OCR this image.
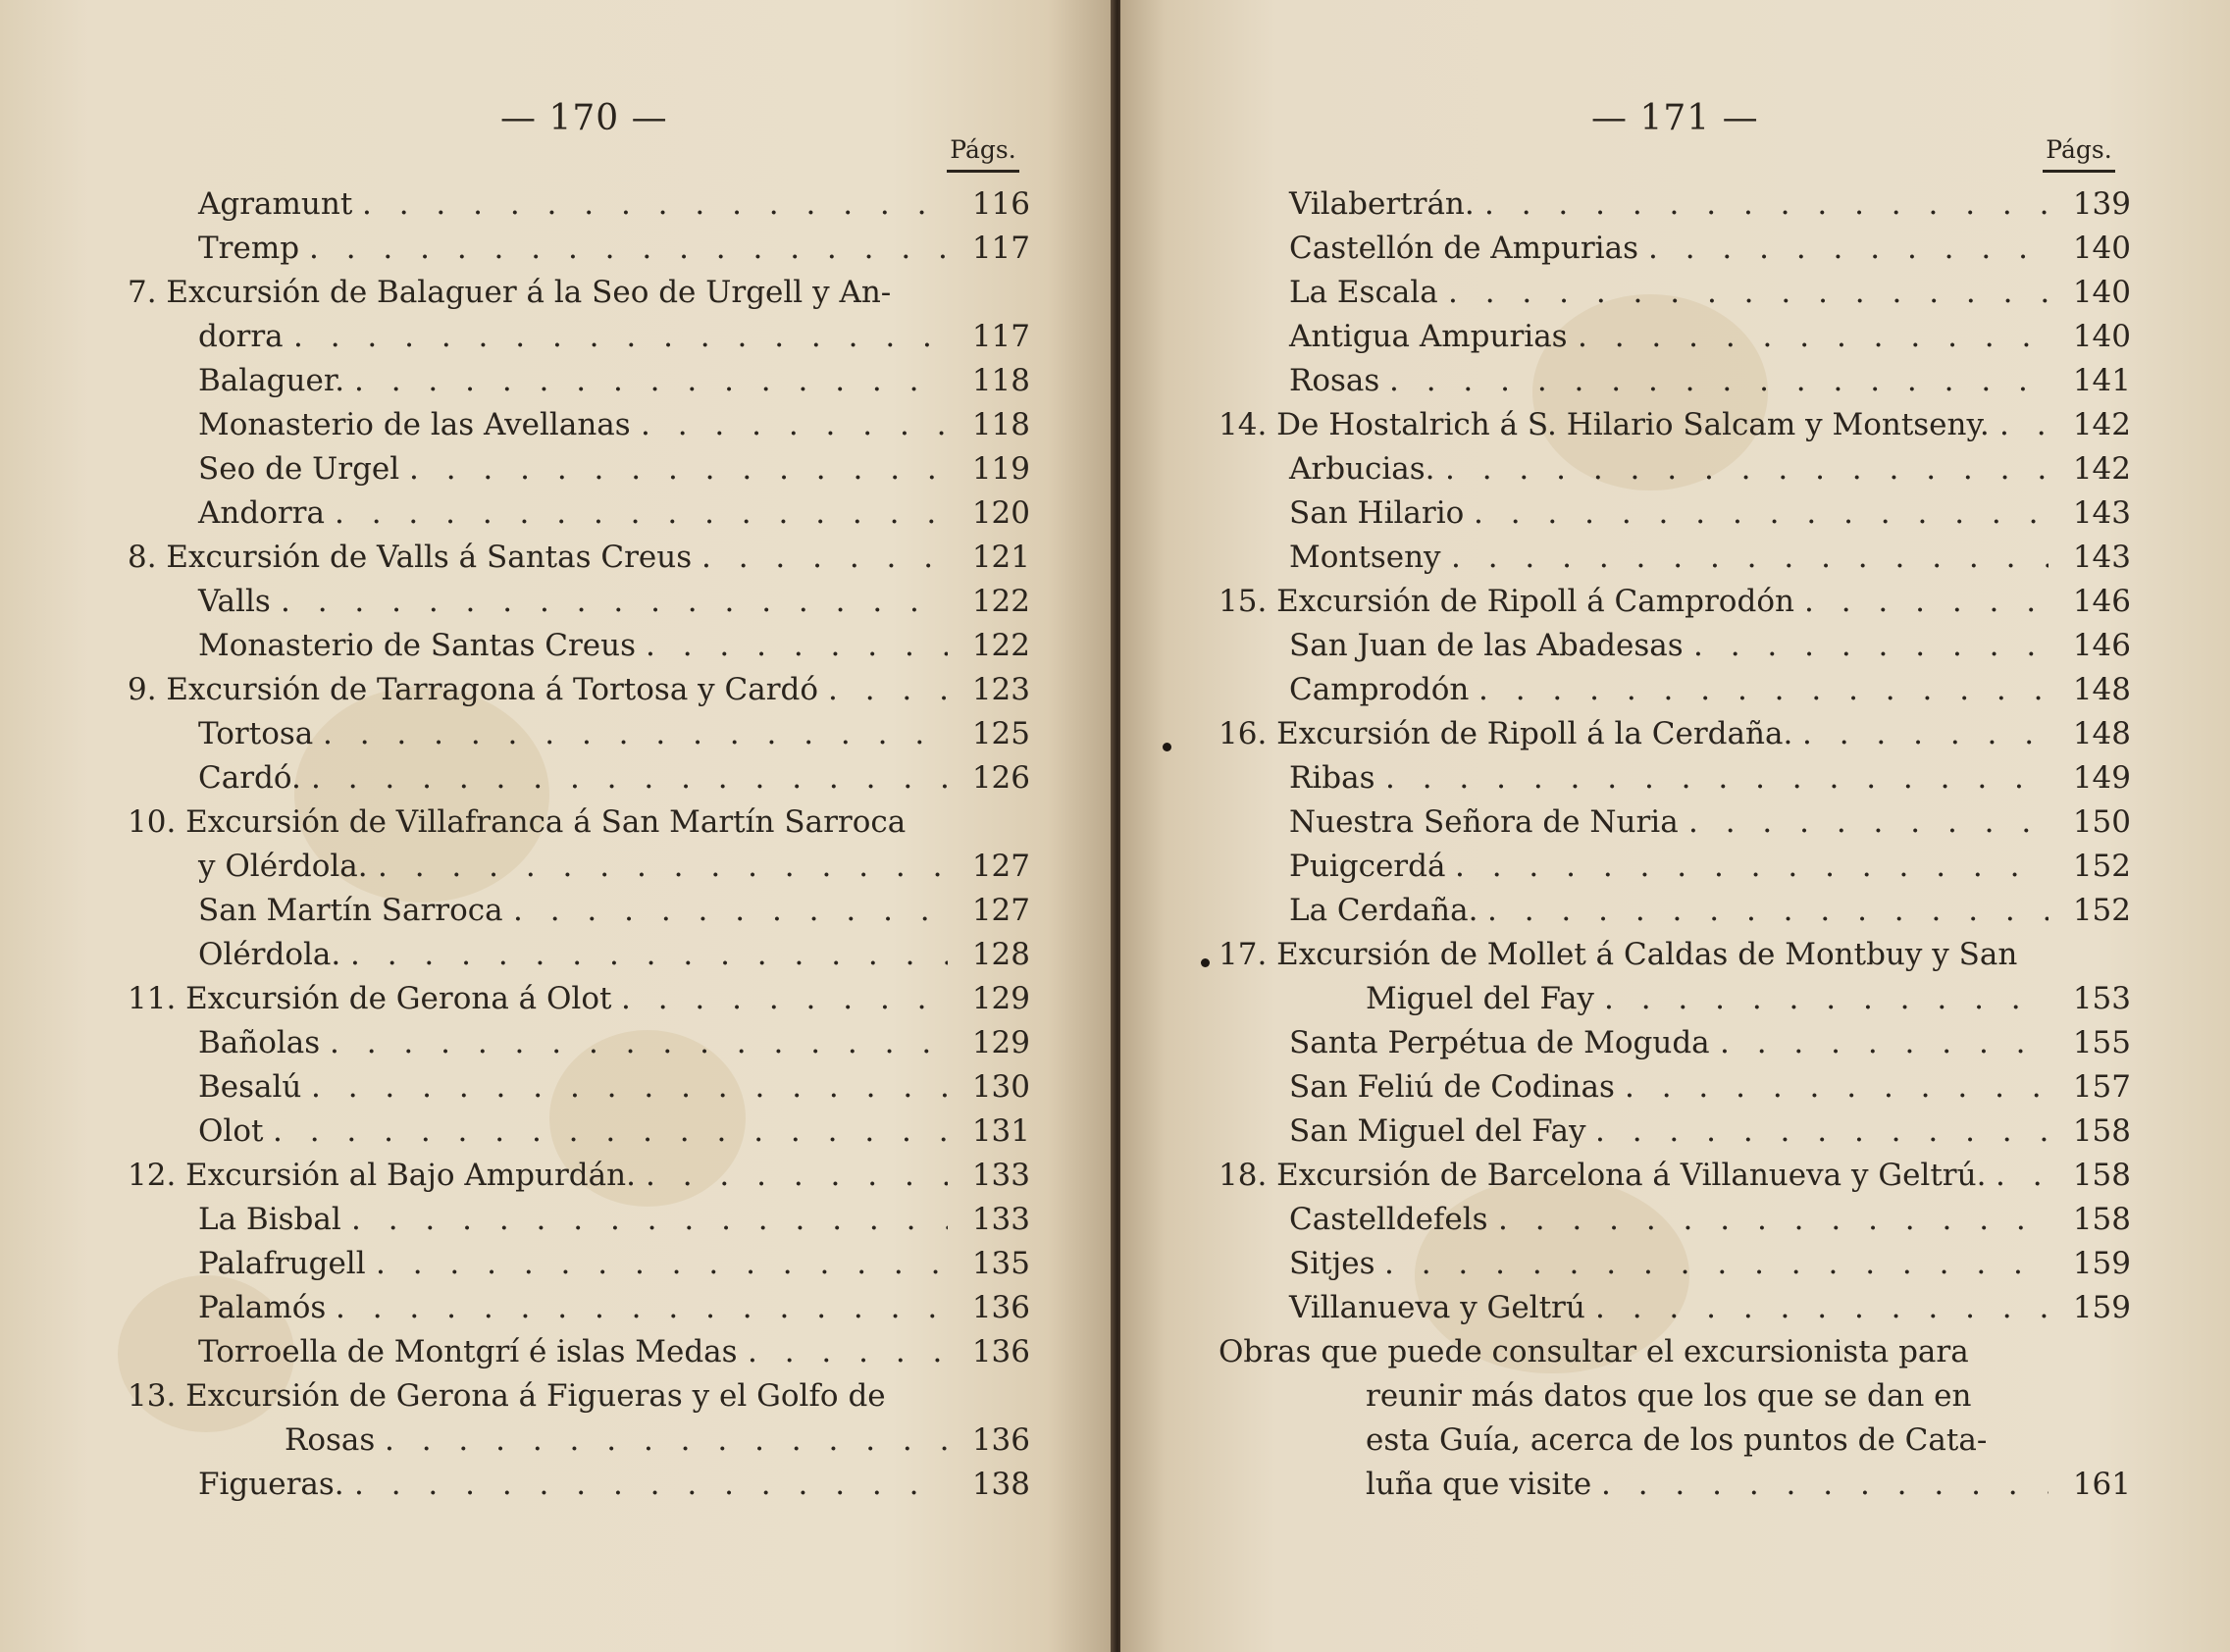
— 170 —
Págs.
Agramunt . . .	116
Tremp . . .	117
7. Excursión de Balaguer á la Seo de Urgell y An-
dorra . . .	117
Balaguer. . . .	118
Monasterio de las Avellanas . . .	118
Seo de Urgel . . .	119
Andorra . . .	120
8. Excursión de Valls á Santas Creus . . .	121
Valls . . .	122
Monasterio de Santas Creus . . .	122
9. Excursión de Tarragona á Tortosa y Cardó . . .	123
Tortosa . . .	125
Cardó. . . .	126
10. Excursión de Villafranca á San Martín Sarroca
y Olérdola. . . .	127
San Martín Sarroca . . .	127
Olérdola. . . .	128
11. Excursión de Gerona á Olot . . .	129
Bañolas . . .	129
Besalú . . .	130
Olot . . .	131
12. Excursión al Bajo Ampurdán. . . .	133
La Bisbal . . .	133
Palafrugell . . .	135
Palamós . . .	136
Torroella de Montgrí é islas Medas . . .	136
13. Excursión de Gerona á Figueras y el Golfo de
Rosas . . .	136
Figueras. . . .	138
— 171 —
Págs.
Vilabertrán. . . .	139
Castellón de Ampurias . . .	140
La Escala . . .	140
Antigua Ampurias . . .	140
Rosas . . .	141
14. De Hostalrich á S. Hilario Salcam y Montseny. . . .	142
Arbucias. . . .	142
San Hilario . . .	143
Montseny . . .	143
15. Excursión de Ripoll á Camprodón . . .	146
San Juan de las Abadesas . . .	146
Camprodón . . .	148
16. Excursión de Ripoll á la Cerdaña. . . .	148
Ribas . . .	149
Nuestra Señora de Nuria . . .	150
Puigcerdá . . .	152
La Cerdaña. . . .	152
17. Excursión de Mollet á Caldas de Montbuy y San
Miguel del Fay . . .	153
Santa Perpétua de Moguda . . .	155
San Feliú de Codinas . . .	157
San Miguel del Fay . . .	158
18. Excursión de Barcelona á Villanueva y Geltrú. . . .	158
Castelldefels . . .	158
Sitjes . . .	159
Villanueva y Geltrú . . .	159
Obras que puede consultar el excursionista para
reunir más datos que los que se dan en
esta Guía, acerca de los puntos de Cata-
luña que visite . . .	161
